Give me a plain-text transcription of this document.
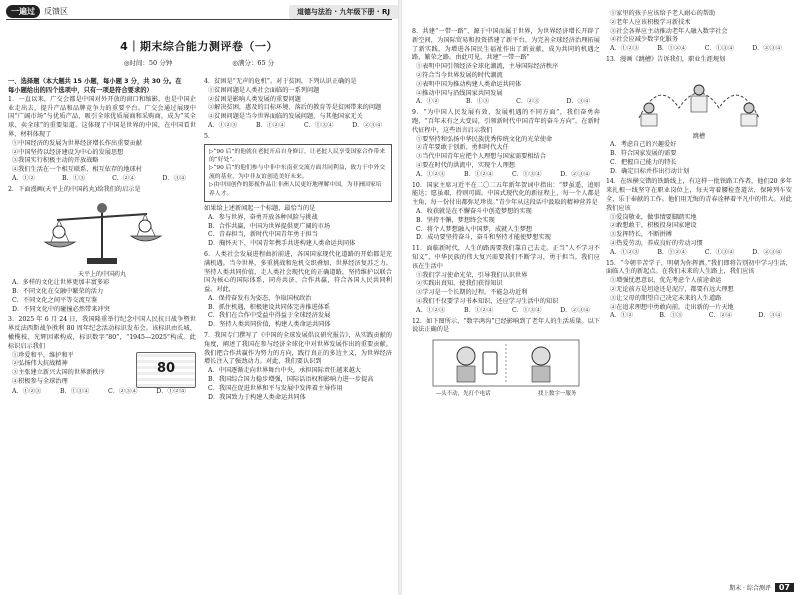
一遍过	反馈区	道德与法治 · 九年级下册 · RJ
4｜期末综合能力测评卷（一）
◎时间：50 分钟	◎满分：65 分
一、选择题（本大题共 15 小题，每小题 3 分，共 30 分。在
每小题给出的四个选项中，只有一项是符合要求的）
1．一直以来，广交会都是中国对外开放的窗口和缩影，也是中国企业走出去，提升产品和品牌竞争力的重要平台。广交会通过展现中国“广阔市场”与优质产品，吸引全球优质展商和采购商，成为“买全球、卖全球”的重要渠道。这体现了中国是世界的中国，在中国看世界，材料体现了
①中国经济的发展为世界经济增长作出重要贡献
②中国坚持以经济建设为中心的发展思想
③我国实行积极主动的开放战略
④我们生活在一个相互联系、相互依存的地球村
A．①②	B．①③	C．②④	D．③④
2．下面漫画(天平上的中国药丸)给我们的启示是
天平上的中国药丸
A．多样的文化让世界更加丰富多彩
B．不同文化在交融中繁荣的活力
C．不同文化之间平等交流互鉴
D．不同文化中的碰撞必然带来冲突
3．2025 年 6 月 24 日，我国隆重举行纪念中国人民抗日战争暨世界反法西斯战争胜利 80 周年纪念活动标识发布会。该标识由长城、橄榄枝、光辉因素构成，标识数字“80”，“1945—2025”构成。此标识启示我们
①珍爱和平，维护和平
②弘扬伟大抗战精神
③主张建立新兴大国的世界新秩序
④积极参与全球治理
80
A．①②③	B．①③④	C．②③④	D．①②④
4．贫困是“无声的危机”。对于贫困，下列认识正确的是
①贫困问题是人类社会面临的一系列问题
②贫困是影响人类发展的重要问题
③解决贫困，惠及的目标环境、落后的教育等是贫困带来的问题
④贫困问题是当今世界面临的发展问题，与其他国家无关
A．①②③	B．①②④	C．①③④	D．②③④
5．
▷“90 后”的他就在老挝开启自身修订，让老挝人民享受国家合作带来的“好处”。
▷“90 后”的他们参与中非中东南亚交流方面共同利益，致力于中外交流的基业，为中非友谊创造美好未来。
▷由中国创作的影视作品让非洲人民更好地理解中国，为非洲国家培养人才。
如果给上述新闻起一个标题，最恰当的是
A．参与世界，奋勇开放各种风险与挑战
B．合作共赢，中国为世界提供更广阔的市场
C．青春担当，新时代中国青年勇于担当
D．胸怀天下，中国青年携手共进构建人类命运共同体
6．人类社会发展进程曲折前进，各国国家现代化道路的开始都是充满机遇。当今世界，多重挑战和危机交织叠加，世界经济复苏乏力。坚持人类共同价值，走人类社会现代化的正确道路，坚持维护以联合国为核心的国际体系，同舟共济、合作共赢，符合各国人民共同利益。对此，
A．保持奋发有为姿态，争取国权政治
B．抓住机遇，积极建设共同体完善推进体系
C．我们在合作中受益中得益于全球经济发展
D．坚持人类共同价值，构建人类命运共同体
7．我国专门撰写了《中国的全球发展倡议研究报告》，从实践贡献的角度，阐述了我国在参与经济全球化中对世界发展作出的重要贡献。我们把合作共赢作为努力的方向，践行真正的多边主义，为世界经济增长注入了强劲动力。对此，我们要认识到
A．中国逐渐走向世界舞台中央，承担国际责任越来越大
B．我国综合国力稳步增强，国际话语权和影响力进一步提高
C．我国在促进世界和平与发展中发挥着主导作用
D．我国致力于构建人类命运共同体
8．共建“一带一路”，源于中国而属于世界，为世界经济增长开辟了新空间，为国际贸易和投资搭建了新平台，为完善全球经济治理拓展了新实践，为增进各国民生福祉作出了新贡献，成为共同的机遇之路、繁荣之路。由此可见，共建“一带一路”
①表明中国引领经济全球化潮流，主导国际经济秩序
②符合当今世界发展的时代潮流
③表明中国为推动构建人类命运共同体
④推动中国与沿线国家共同发展
A．①②	B．①③	C．②③	D．③④
9．“为中国人民发展有效、发展机遇的不同方面”，我们奋勇奔跑，“百年未有之大变局，引领新时代中国青年的奋斗方向”。在新时代征程中，这些语言启示我们
①要坚持和弘扬中华民族优秀传统文化的光荣使命
②青年要敢于创新、勇担时代大任
③当代中国青年应把个人理想与国家需要相结合
④要在时代的洪流中，实现个人理想
A．①②③	B．①②④	C．①③④	D．②③④
10．国家主席习近平在二〇二五年新年贺词中指出：“梦虽遥，追则能达；愿虽艰，持则可圆。中国式现代化的新征程上，每一个人都是主角，每一份付出都弥足珍贵。”青少年从这段话中汲取的精神营养是
A．收获就是在不懈奋斗中创造梦想的实现
B．坚持不懈，梦想终会实现
C．将个人梦想融入中国梦，成就人生梦想
D．成功要坚持奋斗，奋斗和坚持才能使梦想实现
11．面临新时代，人生的路需要我们靠自己去走。正当“人不学习不知义”，中华民族的伟大复兴需要我们不断学习，勇于担当。我们应该在生活中
①我们学习使命光荣，引导我们认识世界
②实践出真知，使我们获得知识
③学习是一个长期的过程，不能急功近利
④我们不仅要学习书本知识，还应学习生活中的知识
A．①②③	B．①②④	C．①③④	D．②③④
12．如下图所示，“数字鸿沟”已经影响到了老年人的生活质量。以下说法正确的是
—头不动，先打个电话	找上数字一服务
①家里的孩子应该给予老人耐心的帮助
②老年人应该积极学习新技术
③社会各界应主动推动老年人融入数字社会
④社会应减少数字化服务
A．①②③	B．①②④	C．①③④	D．②③④
13．漫画《跳槽》告诉我们，职业生涯规划
跳槽
A．考虑自己的兴趣爱好
B．符合国家发展的需要
C．把握自己能力的特长
D．确定目标并作出行动计划
14．在纵横交错的铁路线上，有这样一批铁路工作者，他们20 多年来扎根一线坚守在职业岗位上，每天弯着腰检查道岔，保障列车安全，乐于奉献的工作。他们用无悔的青春诠释着平凡中的伟大。对此我们应该
①爱岗敬业，做事情要脚踏实地
②敢想敢干，积极投身国家建设
③发挥特长，不断拼搏
④热爱劳动，养成良好的劳动习惯
A．①②③	B．①②④	C．①③④	D．②③④
15．“今朝辛苦学子，明朝为你挥洒。”我们即将告别初中学习生活，面临人生的新起点。在我们未来的人生路上，我们应该
①增强忧患意识，优先考虑个人前途命运
②无论前方是坦途还是泥泞，都要有远大理想
③让父母的期望自己决定未来的人生道路
④在追求理想中勇敢向前，走出新的一片天地
A．①②	B．①③	C．②④	D．③④
期末 · 综合测评	07
